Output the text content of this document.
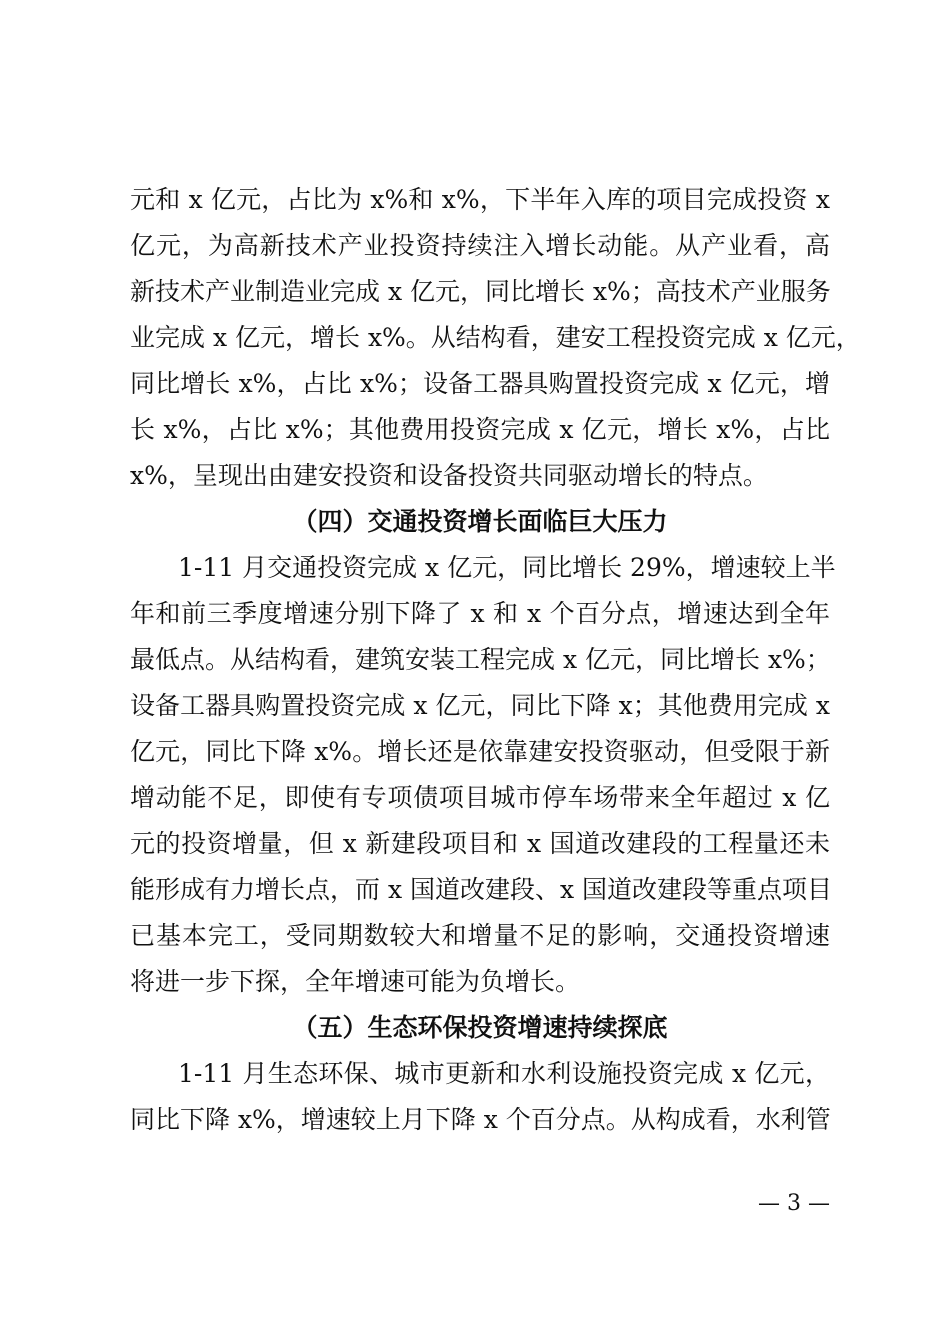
元和 x 亿元，占比为 x%和 x%，下半年入库的项目完成投资 x
亿元，为高新技术产业投资持续注入增长动能。从产业看，高
新技术产业制造业完成 x 亿元，同比增长 x%；高技术产业服务
业完成 x 亿元，增长 x%。从结构看，建安工程投资完成 x 亿元，
同比增长 x%，占比 x%；设备工器具购置投资完成 x 亿元，增
长 x%，占比 x%；其他费用投资完成 x 亿元，增长 x%，占比
x%，呈现出由建安投资和设备投资共同驱动增长的特点。
（四）交通投资增长面临巨大压力
1-11 月交通投资完成 x 亿元，同比增长 29%，增速较上半
年和前三季度增速分别下降了 x 和 x 个百分点，增速达到全年
最低点。从结构看，建筑安装工程完成 x 亿元，同比增长 x%；
设备工器具购置投资完成 x 亿元，同比下降 x；其他费用完成 x
亿元，同比下降 x%。增长还是依靠建安投资驱动，但受限于新
增动能不足，即使有专项债项目城市停车场带来全年超过 x 亿
元的投资增量，但 x 新建段项目和 x 国道改建段的工程量还未
能形成有力增长点，而 x 国道改建段、x 国道改建段等重点项目
已基本完工，受同期数较大和增量不足的影响，交通投资增速
将进一步下探，全年增速可能为负增长。
（五）生态环保投资增速持续探底
1-11 月生态环保、城市更新和水利设施投资完成 x 亿元，
同比下降 x%，增速较上月下降 x 个百分点。从构成看，水利管
— 3 —
